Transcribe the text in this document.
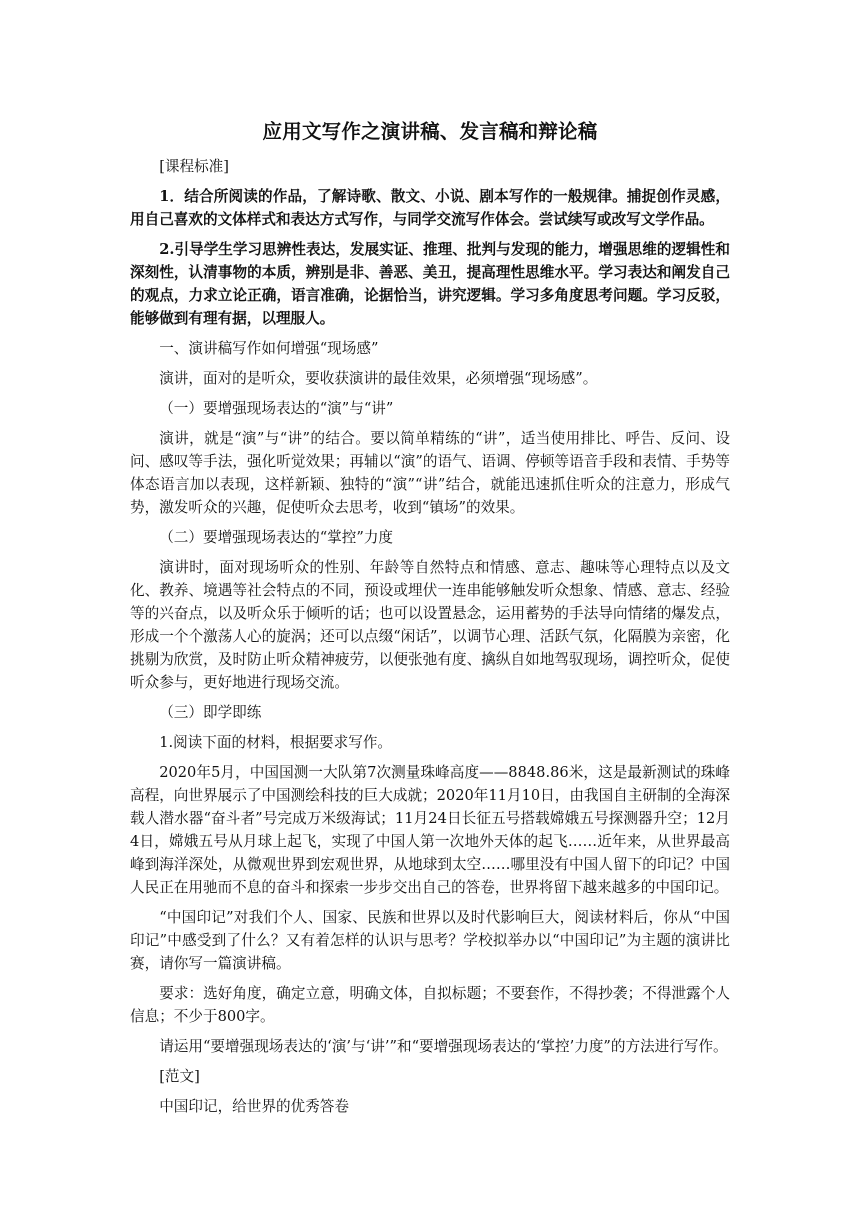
应用文写作之演讲稿、发言稿和辩论稿

[课程标准]

1．结合所阅读的作品，了解诗歌、散文、小说、剧本写作的一般规律。捕捉创作灵感，用自己喜欢的文体样式和表达方式写作，与同学交流写作体会。尝试续写或改写文学作品。

2.引导学生学习思辨性表达，发展实证、推理、批判与发现的能力，增强思维的逻辑性和深刻性，认清事物的本质，辨别是非、善恶、美丑，提高理性思维水平。学习表达和阐发自己的观点，力求立论正确，语言准确，论据恰当，讲究逻辑。学习多角度思考问题。学习反驳，能够做到有理有据，以理服人。

一、演讲稿写作如何增强“现场感”

演讲，面对的是听众，要收获演讲的最佳效果，必须增强“现场感”。

（一）要增强现场表达的“演”与“讲”

演讲，就是“演”与“讲”的结合。要以简单精练的“讲”，适当使用排比、呼告、反问、设问、感叹等手法，强化听觉效果；再辅以“演”的语气、语调、停顿等语音手段和表情、手势等体态语言加以表现，这样新颖、独特的“演”“讲”结合，就能迅速抓住听众的注意力，形成气势，激发听众的兴趣，促使听众去思考，收到“镇场”的效果。

（二）要增强现场表达的“掌控”力度

演讲时，面对现场听众的性别、年龄等自然特点和情感、意志、趣味等心理特点以及文化、教养、境遇等社会特点的不同，预设或埋伏一连串能够触发听众想象、情感、意志、经验等的兴奋点，以及听众乐于倾听的话；也可以设置悬念，运用蓄势的手法导向情绪的爆发点，形成一个个激荡人心的旋涡；还可以点缀“闲话”，以调节心理、活跃气氛，化隔膜为亲密，化挑剔为欣赏，及时防止听众精神疲劳，以便张弛有度、擒纵自如地驾驭现场，调控听众，促使听众参与，更好地进行现场交流。

（三）即学即练

1.阅读下面的材料，根据要求写作。

2020年5月，中国国测一大队第7次测量珠峰高度——8848.86米，这是最新测试的珠峰高程，向世界展示了中国测绘科技的巨大成就；2020年11月10日，由我国自主研制的全海深载人潜水器“奋斗者”号完成万米级海试；11月24日长征五号搭载嫦娥五号探测器升空；12月4日，嫦娥五号从月球上起飞，实现了中国人第一次地外天体的起飞……近年来，从世界最高峰到海洋深处，从微观世界到宏观世界，从地球到太空……哪里没有中国人留下的印记？中国人民正在用驰而不息的奋斗和探索一步步交出自己的答卷，世界将留下越来越多的中国印记。

“中国印记”对我们个人、国家、民族和世界以及时代影响巨大，阅读材料后，你从“中国印记”中感受到了什么？又有着怎样的认识与思考？学校拟举办以“中国印记”为主题的演讲比赛，请你写一篇演讲稿。

要求：选好角度，确定立意，明确文体，自拟标题；不要套作，不得抄袭；不得泄露个人信息；不少于800字。

请运用“要增强现场表达的‘演’与‘讲’”和“要增强现场表达的‘掌控’力度”的方法进行写作。

[范文]

中国印记，给世界的优秀答卷
